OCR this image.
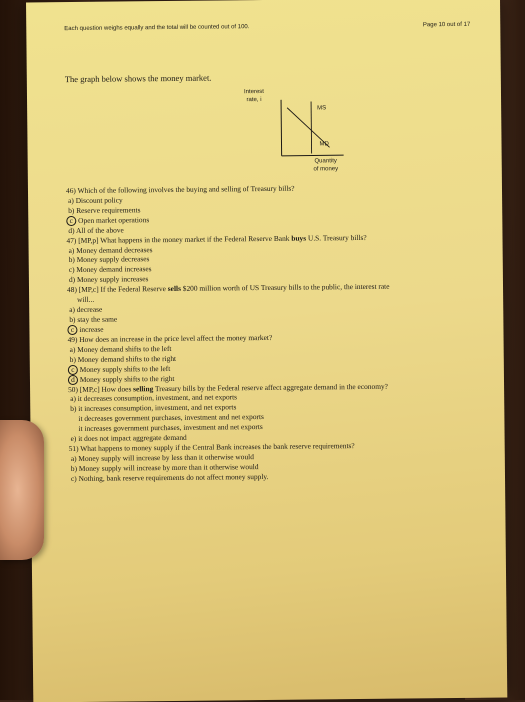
Each question weighs equally and the total will be counted out of 100.	Page 10 out of 17
The graph below shows the money market.
Interest
rate, i
MS
MD
Quantity
of money
46) Which of the following involves the buying and selling of Treasury bills?
a) Discount policy
b) Reserve requirements
c Open market operations
d) All of the above
47) [MP,p] What happens in the money market if the Federal Reserve Bank buys U.S. Treasury bills?
a) Money demand decreases
b) Money supply decreases
c) Money demand increases
d) Money supply increases
48) [MP,c] If the Federal Reserve sells $200 million worth of US Treasury bills to the public, the interest rate
will...
a) decrease
b) stay the same
c increase
49) How does an increase in the price level affect the money market?
a) Money demand shifts to the left
b) Money demand shifts to the right
c Money supply shifts to the left
d Money supply shifts to the right
50) [MP,c] How does selling Treasury bills by the Federal reserve affect aggregate demand in the economy?
a) it decreases consumption, investment, and net exports
b) it increases consumption, investment, and net exports
it decreases government purchases, investment and net exports
it increases government purchases, investment and net exports
e) it does not impact aggregate demand
51) What happens to money supply if the Central Bank increases the bank reserve requirements?
a) Money supply will increase by less than it otherwise would
b) Money supply will increase by more than it otherwise would
c) Nothing, bank reserve requirements do not affect money supply.
